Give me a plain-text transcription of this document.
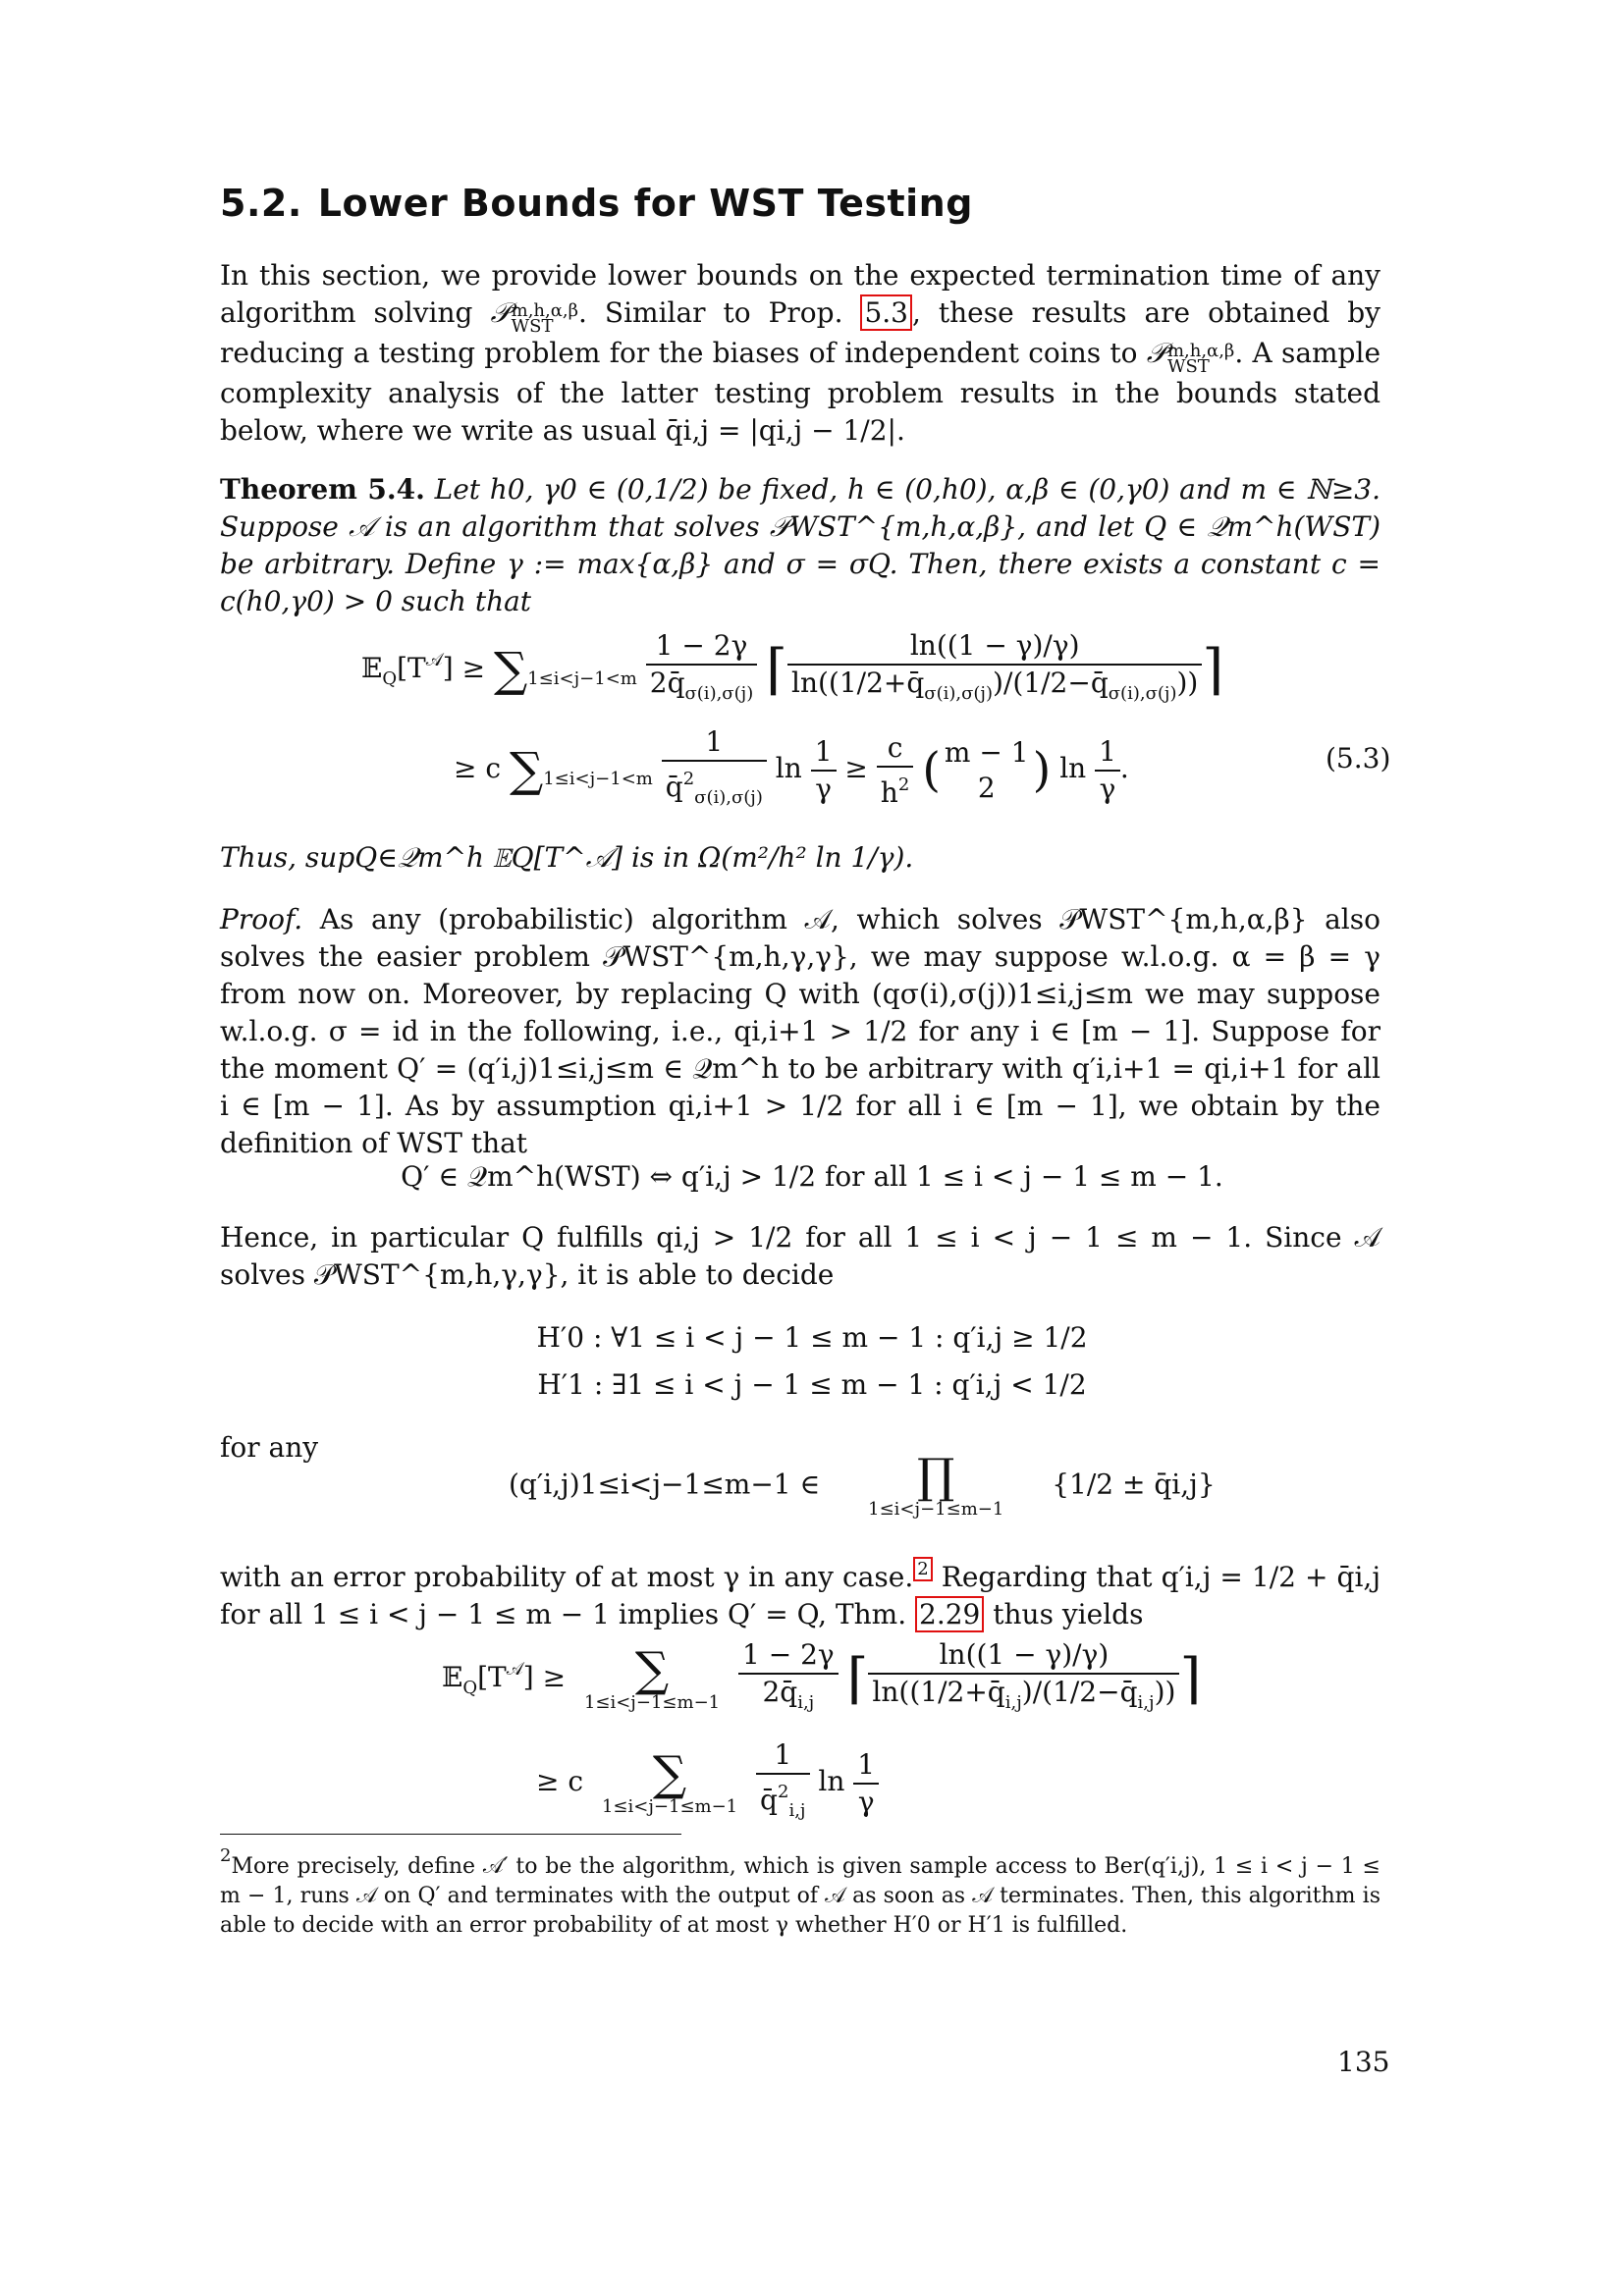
5.2. Lower Bounds for WST Testing
In this section, we provide lower bounds on the expected termination time of any algorithm solving 𝒫m,h,α,β
WST . Similar to Prop. 5.3 , these results are obtained by reducing a testing problem for the biases of independent coins to 𝒫m,h,α,β
WST . A sample complexity analysis of the latter testing problem results in the bounds stated below, where we write as usual q̄i,j = |qi,j − 1/2|.
Theorem 5.4. Let h0, γ0 ∈ (0,1/2) be fixed, h ∈ (0,h0), α,β ∈ (0,γ0) and m ∈ ℕ≥3. Suppose 𝒜 is an algorithm that solves 𝒫WST^{m,h,α,β}, and let Q ∈ 𝒬m^h(WST) be arbitrary. Define γ := max{α,β} and σ = σQ. Then, there exists a constant c = c(h0,γ0) > 0 such that
$𝔼_Q[T^𝒜] \ge \sum_{1\le i<j-1<m} \frac{1 - 2\gamma}{2q̄_{\sigma(i),\sigma(j)}}$ ⌈ $\frac{\ln((1 - \gamma)/\gamma)}{\ln((1/2+q̄_{\sigma(i),\sigma(j)})/(1/2-q̄_{\sigma(i),\sigma(j)}))}$ ⌉
≥ c $\sum_{1\le i<j-1<m} \frac{1}{q̄^2_{\sigma(i),\sigma(j)}}$ $\ln \frac{1}{\gamma} \ge \frac{c}{h^2}$ ( m − 1
2 ) $\ln \frac{1}{\gamma}$ .	(5.3)
Thus, supQ∈𝒬m^h 𝔼Q[T^𝒜] is in Ω(m²/h² ln 1/γ).
Proof. As any (probabilistic) algorithm 𝒜, which solves 𝒫WST^{m,h,α,β} also solves the easier problem 𝒫WST^{m,h,γ,γ}, we may suppose w.l.o.g. α = β = γ from now on. Moreover, by replacing Q with (qσ(i),σ(j))1≤i,j≤m we may suppose w.l.o.g. σ = id in the following, i.e., qi,i+1 > 1/2 for any i ∈ [m − 1]. Suppose for the moment Q′ = (q′i,j)1≤i,j≤m ∈ 𝒬m^h to be arbitrary with q′i,i+1 = qi,i+1 for all i ∈ [m − 1]. As by assumption qi,i+1 > 1/2 for all i ∈ [m − 1], we obtain by the definition of WST that
Q′ ∈ 𝒬m^h(WST) ⇔ q′i,j > 1/2 for all 1 ≤ i < j − 1 ≤ m − 1.
Hence, in particular Q fulfills qi,j > 1/2 for all 1 ≤ i < j − 1 ≤ m − 1. Since 𝒜 solves 𝒫WST^{m,h,γ,γ}, it is able to decide
H′0 : ∀1 ≤ i < j − 1 ≤ m − 1 : q′i,j ≥ 1/2
H′1 : ∃1 ≤ i < j − 1 ≤ m − 1 : q′i,j < 1/2
for any
(q′i,j)1≤i<j−1≤m−1 ∈	∏
1≤i<j−1≤m−1
{1/2 ± q̄i,j}
with an error probability of at most γ in any case. $^2$ Regarding that q′i,j = 1/2 + q̄i,j for all 1 ≤ i < j − 1 ≤ m − 1 implies Q′ = Q, Thm. 2.29 thus yields
$𝔼_Q[T^𝒜]$ ≥	∑
1≤i<j−1≤m−1
$\frac{1 - 2\gamma}{2q̄_{i,j}}$ ⌈ $\frac{\ln((1 - \gamma)/\gamma)}{\ln((1/2+q̄_{i,j})/(1/2-q̄_{i,j}))}$ ⌉
≥ c	∑
1≤i<j−1≤m−1
$\frac{1}{q̄^2_{i,j}}$ $\ln \frac{1}{\gamma}$
$^2$More precisely, define 𝒜′ to be the algorithm, which is given sample access to Ber(q′i,j), 1 ≤ i < j − 1 ≤ m − 1, runs 𝒜 on Q′ and terminates with the output of 𝒜 as soon as 𝒜 terminates. Then, this algorithm is able to decide with an error probability of at most γ whether H′0 or H′1 is fulfilled.
135
